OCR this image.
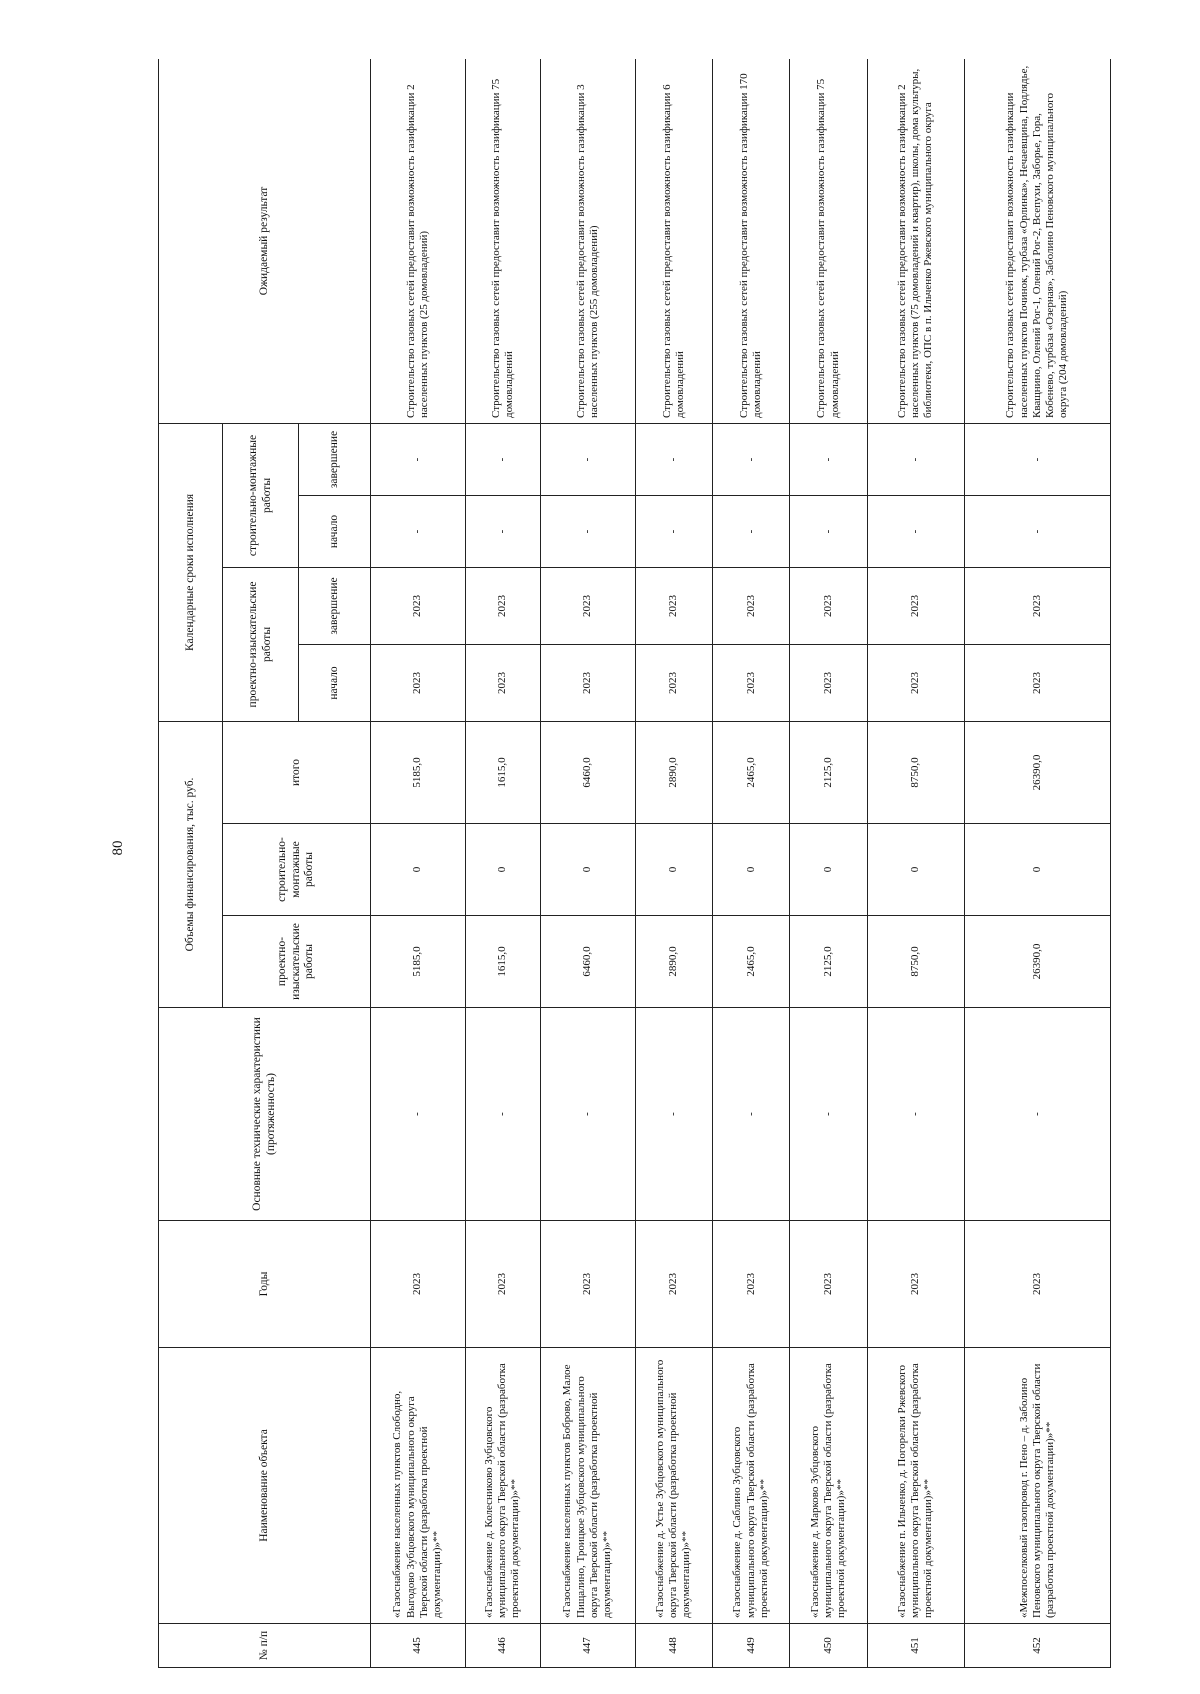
80
№ п/п	Наименование объекта	Годы	Основные технические характеристики (протяженность)	Объемы финансирования, тыс. руб.			Календарные сроки исполнения				Ожидаемый результат
				проектно-изыскательские работы	строительно-монтажные работы	итого	проектно-изыскательские работы		строительно-монтажные работы		
							начало	завершение	начало	завершение	
445	«Газоснабжение населенных пунктов Слободно, Выгодово Зубцовского муниципального округа Тверской области (разработка проектной документации)»**	2023	-	5185,0	0	5185,0	2023	2023	-	-	Строительство газовых сетей предоставит возможность газификации 2 населенных пунктов (25 домовладений)
446	«Газоснабжение д. Колесниково Зубцовского муниципального округа Тверской области (разработка проектной документации)»**	2023	-	1615,0	0	1615,0	2023	2023	-	-	Строительство газовых сетей предоставит возможность газификации 75 домовладений
447	«Газоснабжение населенных пунктов Боброво, Малое Пищалино, Троицкое Зубцовского муниципального округа Тверской области (разработка проектной документации)»**	2023	-	6460,0	0	6460,0	2023	2023	-	-	Строительство газовых сетей предоставит возможность газификации 3 населенных пунктов (255 домовладений)
448	«Газоснабжение д. Устье Зубцовского муниципального округа Тверской области (разработка проектной документации)»**	2023	-	2890,0	0	2890,0	2023	2023	-	-	Строительство газовых сетей предоставит возможность газификации 6 домовладений
449	«Газоснабжение д. Саблино Зубцовского муниципального округа Тверской области (разработка проектной документации)»**	2023	-	2465,0	0	2465,0	2023	2023	-	-	Строительство газовых сетей предоставит возможность газификации 170 домовладений
450	«Газоснабжение д. Марково Зубцовского муниципального округа Тверской области (разработка проектной документации)»**	2023	-	2125,0	0	2125,0	2023	2023	-	-	Строительство газовых сетей предоставит возможность газификации 75 домовладений
451	«Газоснабжение п. Ильченко, д. Погорелки Ржевского муниципального округа Тверской области (разработка проектной документации)»**	2023	-	8750,0	0	8750,0	2023	2023	-	-	Строительство газовых сетей предоставит возможность газификации 2 населенных пунктов (75 домовладений и квартир), школы, дома культуры, библиотеки, ОПС в п. Ильченко Ржевского муниципального округа
452	«Межпоселковый газопровод г. Пено – д. Заболино Пеновского муниципального округа Тверской области (разработка проектной документации)»**	2023	-	26390,0	0	26390,0	2023	2023	-	-	Строительство газовых сетей предоставит возможность газификации населенных пунктов Починок, турбаза «Орлинка», Нечаевщина, Подлядье, Кващнино, Олений Рог-1, Олений Рог-2, Всепухи, Заборье, Гора, Кобенево, турбаза «Озерная», Заболино Пеновского муниципального округа (204 домовладений)
